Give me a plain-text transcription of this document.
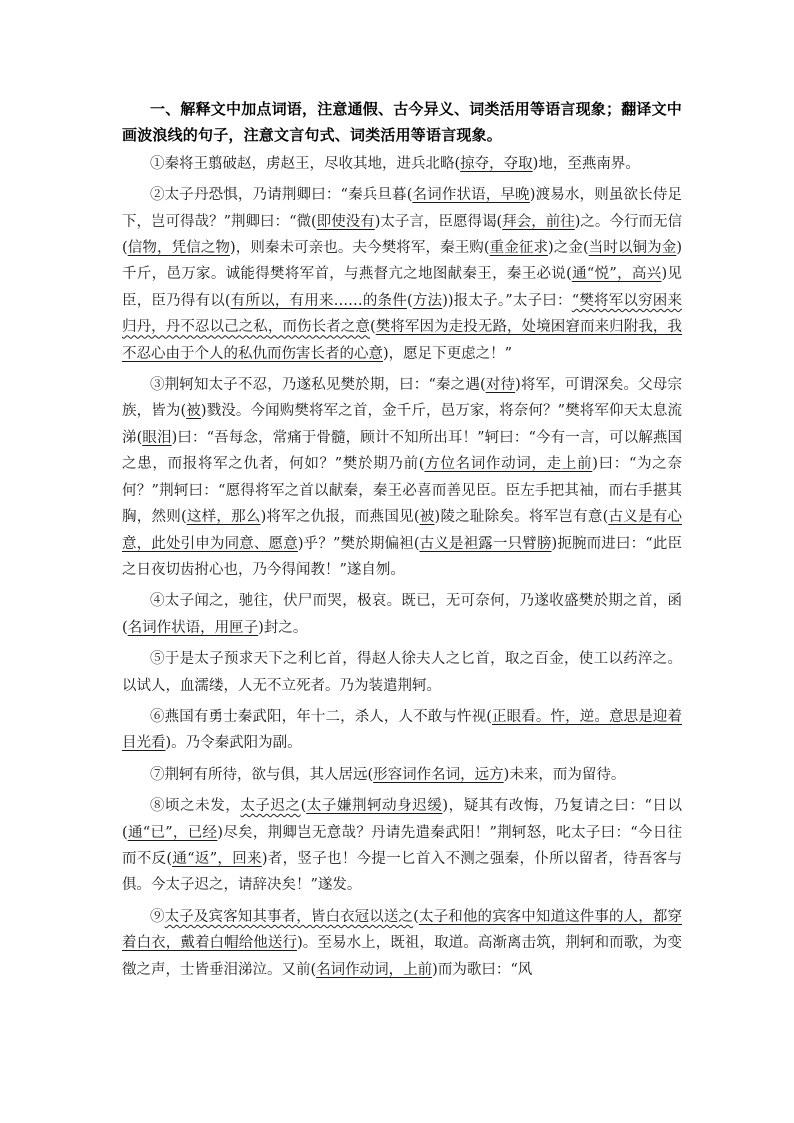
一、解释文中加点词语，注意通假、古今异义、词类活用等语言现象；翻译文中画波浪线的句子，注意文言句式、词类活用等语言现象。

①秦将王翦破赵，虏赵王，尽收其地，进兵北略(掠夺，夺取)地，至燕南界。

②太子丹恐惧，乃请荆卿曰：“秦兵旦暮(名词作状语，早晚)渡易水，则虽欲长侍足下，岂可得哉？”荆卿曰：“微(即使没有)太子言，臣愿得谒(拜会，前往)之。今行而无信(信物，凭信之物)，则秦未可亲也。夫今樊将军，秦王购(重金征求)之金(当时以铜为金)千斤，邑万家。诚能得樊将军首，与燕督亢之地图献秦王，秦王必说(通“悦”，高兴)见臣，臣乃得有以(有所以，有用来……的条件(方法))报太子。”太子曰：“樊将军以穷困来归丹，丹不忍以己之私，而伤长者之意(樊将军因为走投无路，处境困窘而来归附我，我不忍心由于个人的私仇而伤害长者的心意)，愿足下更虑之！”

③荆轲知太子不忍，乃遂私见樊於期，曰：“秦之遇(对待)将军，可谓深矣。父母宗族，皆为(被)戮没。今闻购樊将军之首，金千斤，邑万家，将奈何？”樊将军仰天太息流涕(眼泪)曰：“吾每念，常痛于骨髓，顾计不知所出耳！”轲曰：“今有一言，可以解燕国之患，而报将军之仇者，何如？”樊於期乃前(方位名词作动词，走上前)曰：“为之奈何？”荆轲曰：“愿得将军之首以献秦，秦王必喜而善见臣。臣左手把其袖，而右手揕其胸，然则(这样，那么)将军之仇报，而燕国见(被)陵之耻除矣。将军岂有意(古义是有心意，此处引申为同意、愿意)乎？”樊於期偏袒(古义是袒露一只臂膀)扼腕而进曰：“此臣之日夜切齿拊心也，乃今得闻教！”遂自刎。

④太子闻之，驰往，伏尸而哭，极哀。既已，无可奈何，乃遂收盛樊於期之首，函(名词作状语，用匣子)封之。

⑤于是太子预求天下之利匕首，得赵人徐夫人之匕首，取之百金，使工以药淬之。以试人，血濡缕，人无不立死者。乃为装遣荆轲。

⑥燕国有勇士秦武阳，年十二，杀人，人不敢与忤视(正眼看。忤，逆。意思是迎着目光看)。乃令秦武阳为副。

⑦荆轲有所待，欲与俱，其人居远(形容词作名词，远方)未来，而为留待。

⑧顷之未发，太子迟之(太子嫌荆轲动身迟缓)，疑其有改悔，乃复请之曰：“日以(通“已”，已经)尽矣，荆卿岂无意哉？丹请先遣秦武阳！”荆轲怒，叱太子曰：“今日往而不反(通“返”，回来)者，竖子也！今提一匕首入不测之强秦，仆所以留者，待吾客与俱。今太子迟之，请辞决矣！”遂发。

⑨太子及宾客知其事者，皆白衣冠以送之(太子和他的宾客中知道这件事的人，都穿着白衣，戴着白帽给他送行)。至易水上，既祖，取道。高渐离击筑，荆轲和而歌，为变徵之声，士皆垂泪涕泣。又前(名词作动词，上前)而为歌曰：“风
